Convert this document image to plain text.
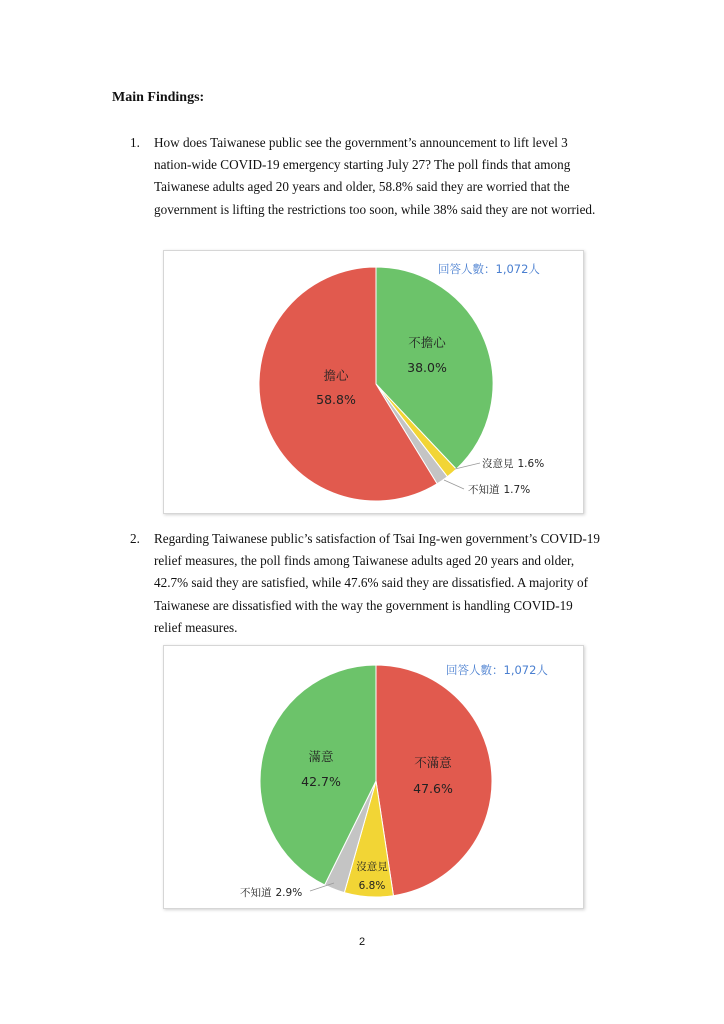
Main Findings:
1. How does Taiwanese public see the government’s announcement to lift level 3 nation-wide COVID-19 emergency starting July 27? The poll finds that among Taiwanese adults aged 20 years and older, 58.8% said they are worried that the government is lifting the restrictions too soon, while 38% said they are not worried.
回答人數：1,072人
不擔心
38.0%
擔心
58.8%
沒意見 1.6%
不知道 1.7%
2. Regarding Taiwanese public’s satisfaction of Tsai Ing-wen government’s COVID-19 relief measures, the poll finds among Taiwanese adults aged 20 years and older, 42.7% said they are satisfied, while 47.6% said they are dissatisfied. A majority of Taiwanese are dissatisfied with the way the government is handling COVID-19 relief measures.
回答人數：1,072人
不滿意
47.6%
滿意
42.7%
沒意見
6.8%
不知道 2.9%
2
